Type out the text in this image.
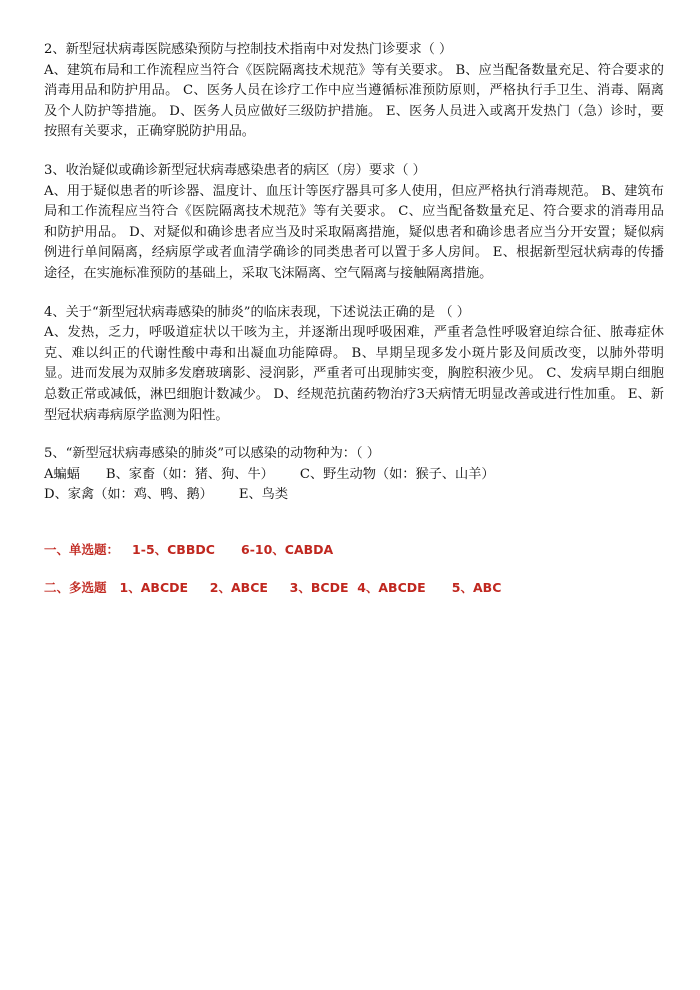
2、新型冠状病毒医院感染预防与控制技术指南中对发热门诊要求（ ）

A、建筑布局和工作流程应当符合《医院隔离技术规范》等有关要求。 B、应当配备数量充足、符合要求的消毒用品和防护用品。 C、医务人员在诊疗工作中应当遵循标准预防原则，严格执行手卫生、消毒、隔离及个人防护等措施。 D、医务人员应做好三级防护措施。 E、医务人员进入或离开发热门（急）诊时，要按照有关要求，正确穿脱防护用品。

3、收治疑似或确诊新型冠状病毒感染患者的病区（房）要求（ ）

A、用于疑似患者的听诊器、温度计、血压计等医疗器具可多人使用，但应严格执行消毒规范。 B、建筑布局和工作流程应当符合《医院隔离技术规范》等有关要求。 C、应当配备数量充足、符合要求的消毒用品和防护用品。 D、对疑似和确诊患者应当及时采取隔离措施，疑似患者和确诊患者应当分开安置；疑似病例进行单间隔离，经病原学或者血清学确诊的同类患者可以置于多人房间。 E、根据新型冠状病毒的传播途径，在实施标准预防的基础上，采取飞沫隔离、空气隔离与接触隔离措施。

4、关于“新型冠状病毒感染的肺炎”的临床表现，下述说法正确的是 （ ）

A、发热，乏力，呼吸道症状以干咳为主，并逐渐出现呼吸困难，严重者急性呼吸窘迫综合征、脓毒症休克、难以纠正的代谢性酸中毒和出凝血功能障碍。 B、早期呈现多发小斑片影及间质改变，以肺外带明显。进而发展为双肺多发磨玻璃影、浸润影，严重者可出现肺实变，胸腔积液少见。 C、发病早期白细胞总数正常或减低，淋巴细胞计数减少。 D、经规范抗菌药物治疗3天病情无明显改善或进行性加重。 E、新型冠状病毒病原学监测为阳性。

5、“新型冠状病毒感染的肺炎”可以感染的动物种为：（ ）

A蝙蝠 B、家畜（如：猪、狗、牛） C、野生动物（如：猴子、山羊）
D、家禽（如：鸡、鸭、鹅） E、鸟类

一、单选题：   1-5、CBBDC      6-10、CABDA
二、多选题   1、ABCDE     2、ABCE     3、BCDE  4、ABCDE      5、ABC
